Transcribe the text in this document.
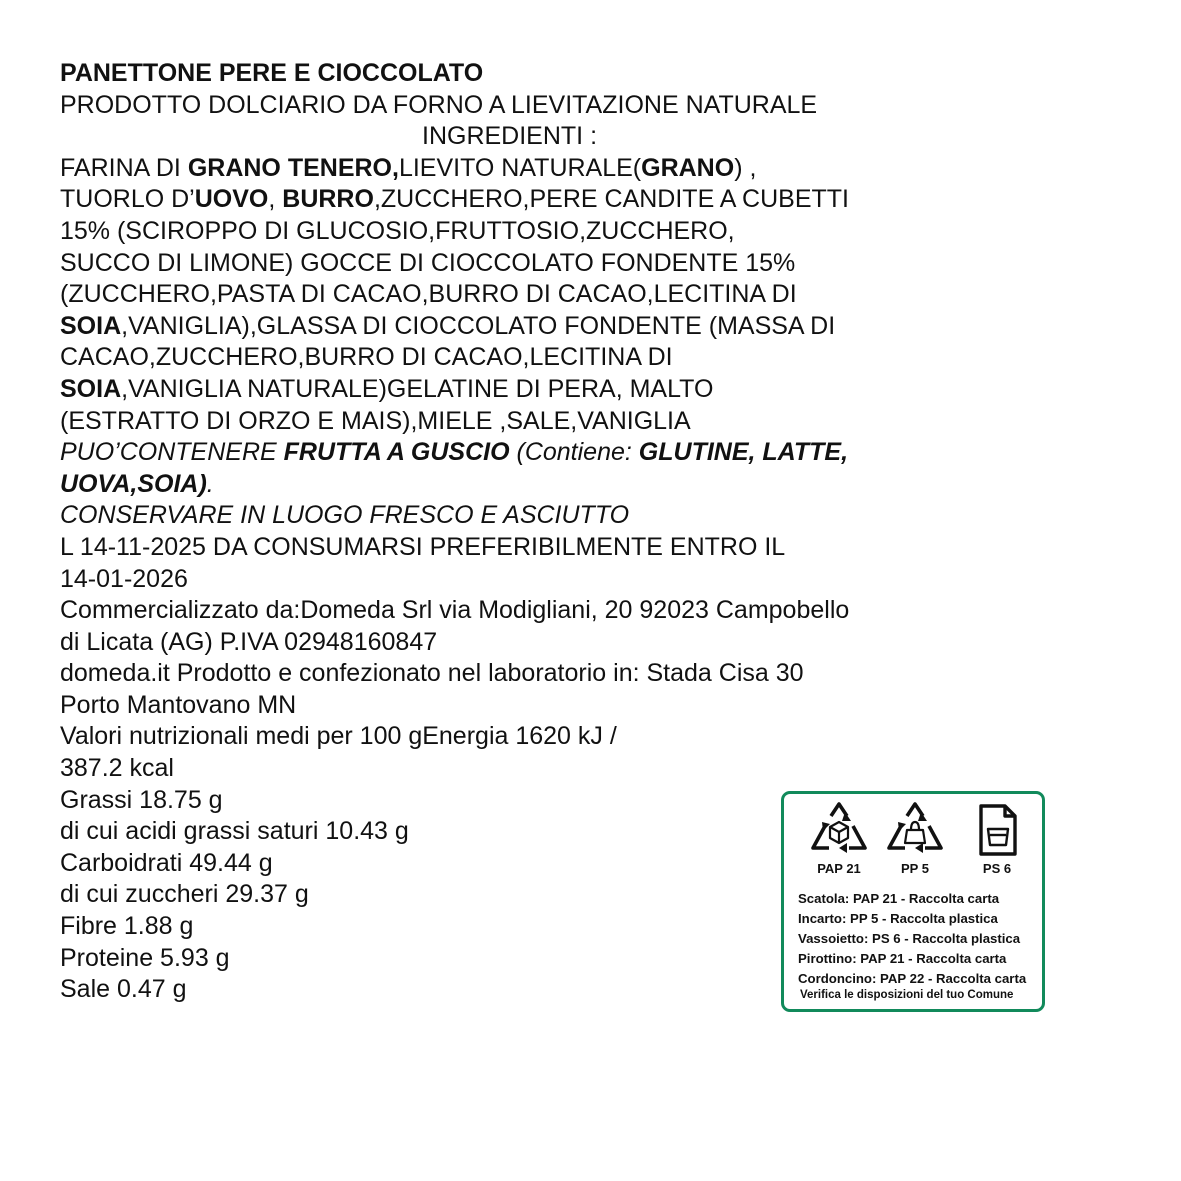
PANETTONE PERE E CIOCCOLATO
PRODOTTO DOLCIARIO DA FORNO A LIEVITAZIONE NATURALE
INGREDIENTI :
FARINA DI GRANO TENERO,LIEVITO NATURALE(GRANO) ,
TUORLO D’UOVO, BURRO,ZUCCHERO,PERE CANDITE A CUBETTI
15% (SCIROPPO DI GLUCOSIO,FRUTTOSIO,ZUCCHERO,
SUCCO DI LIMONE) GOCCE DI CIOCCOLATO FONDENTE 15%
(ZUCCHERO,PASTA DI CACAO,BURRO DI CACAO,LECITINA DI
SOIA,VANIGLIA),GLASSA DI CIOCCOLATO FONDENTE (MASSA DI
CACAO,ZUCCHERO,BURRO DI CACAO,LECITINA DI
SOIA,VANIGLIA NATURALE)GELATINE DI PERA, MALTO
(ESTRATTO DI ORZO E MAIS),MIELE ,SALE,VANIGLIA
PUO’CONTENERE FRUTTA A GUSCIO (Contiene: GLUTINE, LATTE,
UOVA,SOIA).
CONSERVARE IN LUOGO FRESCO E ASCIUTTO
L 14-11-2025 DA CONSUMARSI PREFERIBILMENTE ENTRO IL
14-01-2026
Commercializzato da:Domeda Srl via Modigliani, 20 92023 Campobello
di Licata (AG) P.IVA 02948160847
domeda.it Prodotto e confezionato nel laboratorio in: Stada Cisa 30
Porto Mantovano MN
Valori nutrizionali medi per 100 gEnergia 1620 kJ /
387.2 kcal
Grassi 18.75 g
di cui acidi grassi saturi 10.43 g
Carboidrati 49.44 g
di cui zuccheri 29.37 g
Fibre 1.88 g
Proteine 5.93 g
Sale 0.47 g
PAP 21	PP 5	PS 6
Scatola: PAP 21 - Raccolta carta
Incarto: PP 5 - Raccolta plastica
Vassoietto: PS 6 - Raccolta plastica
Pirottino: PAP 21 - Raccolta carta
Cordoncino: PAP 22 - Raccolta carta
Verifica le disposizioni del tuo Comune
